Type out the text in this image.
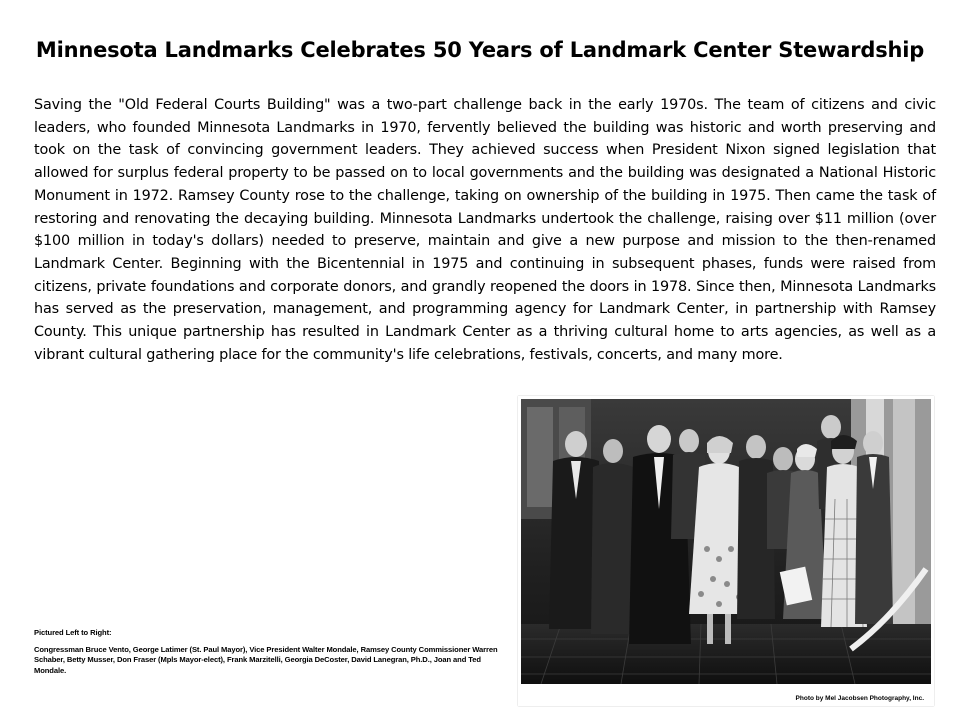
Minnesota Landmarks Celebrates 50 Years of Landmark Center Stewardship

Saving the "Old Federal Courts Building" was a two-part challenge back in the early 1970s. The team of citizens and civic leaders, who founded Minnesota Landmarks in 1970, fervently believed the building was historic and worth preserving and took on the task of convincing government leaders. They achieved success when President Nixon signed legislation that allowed for surplus federal property to be passed on to local governments and the building was designated a National Historic Monument in 1972. Ramsey County rose to the challenge, taking on ownership of the building in 1975. Then came the task of restoring and renovating the decaying building. Minnesota Landmarks undertook the challenge, raising over $11 million (over $100 million in today's dollars) needed to preserve, maintain and give a new purpose and mission to the then-renamed Landmark Center. Beginning with the Bicentennial in 1975 and continuing in subsequent phases, funds were raised from citizens, private foundations and corporate donors, and grandly reopened the doors in 1978. Since then, Minnesota Landmarks has served as the preservation, management, and programming agency for Landmark Center, in partnership with Ramsey County. This unique partnership has resulted in Landmark Center as a thriving cultural home to arts agencies, as well as a vibrant cultural gathering place for the community's life celebrations, festivals, concerts, and many more.

Pictured Left to Right:
Congressman Bruce Vento, George Latimer (St. Paul Mayor), Vice President Walter Mondale, Ramsey County Commissioner Warren Schaber, Betty Musser, Don Fraser (Mpls Mayor-elect), Frank Marzitelli, Georgia DeCoster, David Lanegran, Ph.D., Joan and Ted Mondale.
Photo by Mel Jacobsen Photography, Inc.
